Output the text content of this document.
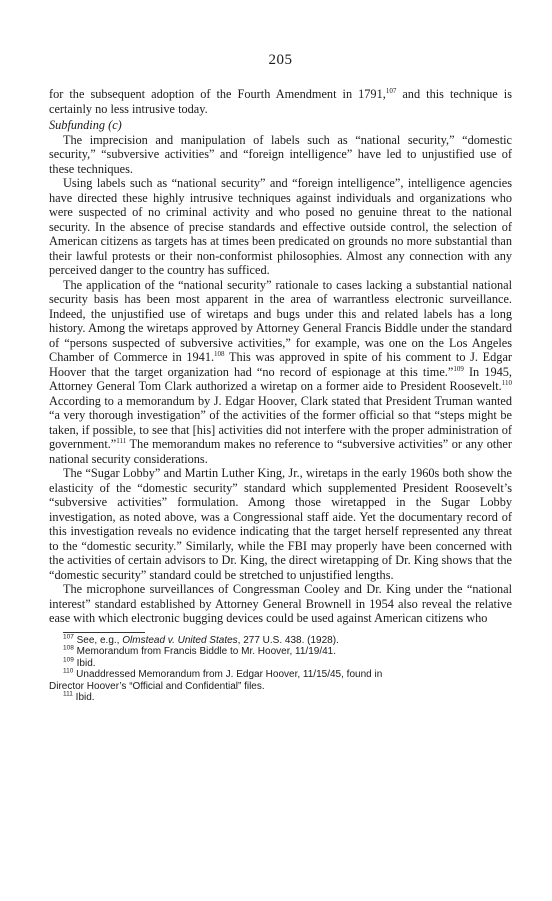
205

for the subsequent adoption of the Fourth Amendment in 1791,$^{107}$ and this technique is certainly no less intrusive today.

Subfunding (c)

The imprecision and manipulation of labels such as “national security,” “domestic security,” “subversive activities” and “foreign intelligence” have led to unjustified use of these techniques.

Using labels such as “national security” and “foreign intelligence”, intelligence agencies have directed these highly intrusive techniques against individuals and organizations who were suspected of no criminal activity and who posed no genuine threat to the national security. In the absence of precise standards and effective outside control, the selection of American citizens as targets has at times been predicated on grounds no more substantial than their lawful protests or their non-conformist philosophies. Almost any connection with any perceived danger to the country has sufficed.

The application of the “national security” rationale to cases lacking a substantial national security basis has been most apparent in the area of warrantless electronic surveillance. Indeed, the unjustified use of wiretaps and bugs under this and related labels has a long history. Among the wiretaps approved by Attorney General Francis Biddle under the standard of “persons suspected of subversive activities,” for example, was one on the Los Angeles Chamber of Commerce in 1941.$^{108}$ This was approved in spite of his comment to J. Edgar Hoover that the target organization had “no record of espionage at this time.”$^{109}$ In 1945, Attorney General Tom Clark authorized a wiretap on a former aide to President Roosevelt.$^{110}$ According to a memorandum by J. Edgar Hoover, Clark stated that President Truman wanted “a very thorough investigation” of the activities of the former official so that “steps might be taken, if possible, to see that [his] activities did not interfere with the proper administration of government.”$^{111}$ The memorandum makes no reference to “subversive activities” or any other national security considerations.

The “Sugar Lobby” and Martin Luther King, Jr., wiretaps in the early 1960s both show the elasticity of the “domestic security” standard which supplemented President Roosevelt’s “subversive activities” formulation. Among those wiretapped in the Sugar Lobby investigation, as noted above, was a Congressional staff aide. Yet the documentary record of this investigation reveals no evidence indicating that the target herself represented any threat to the “domestic security.” Similarly, while the FBI may properly have been concerned with the activities of certain advisors to Dr. King, the direct wiretapping of Dr. King shows that the “domestic security” standard could be stretched to unjustified lengths.

The microphone surveillances of Congressman Cooley and Dr. King under the “national interest” standard established by Attorney General Brownell in 1954 also reveal the relative ease with which electronic bugging devices could be used against American citizens who

$^{107}$ See, e.g., Olmstead v. United States, 277 U.S. 438. (1928).

$^{108}$ Memorandum from Francis Biddle to Mr. Hoover, 11/19/41.

$^{109}$ Ibid.

$^{110}$ Unaddressed Memorandum from J. Edgar Hoover, 11/15/45, found in

Director Hoover’s “Official and Confidential” files.

$^{111}$ Ibid.
